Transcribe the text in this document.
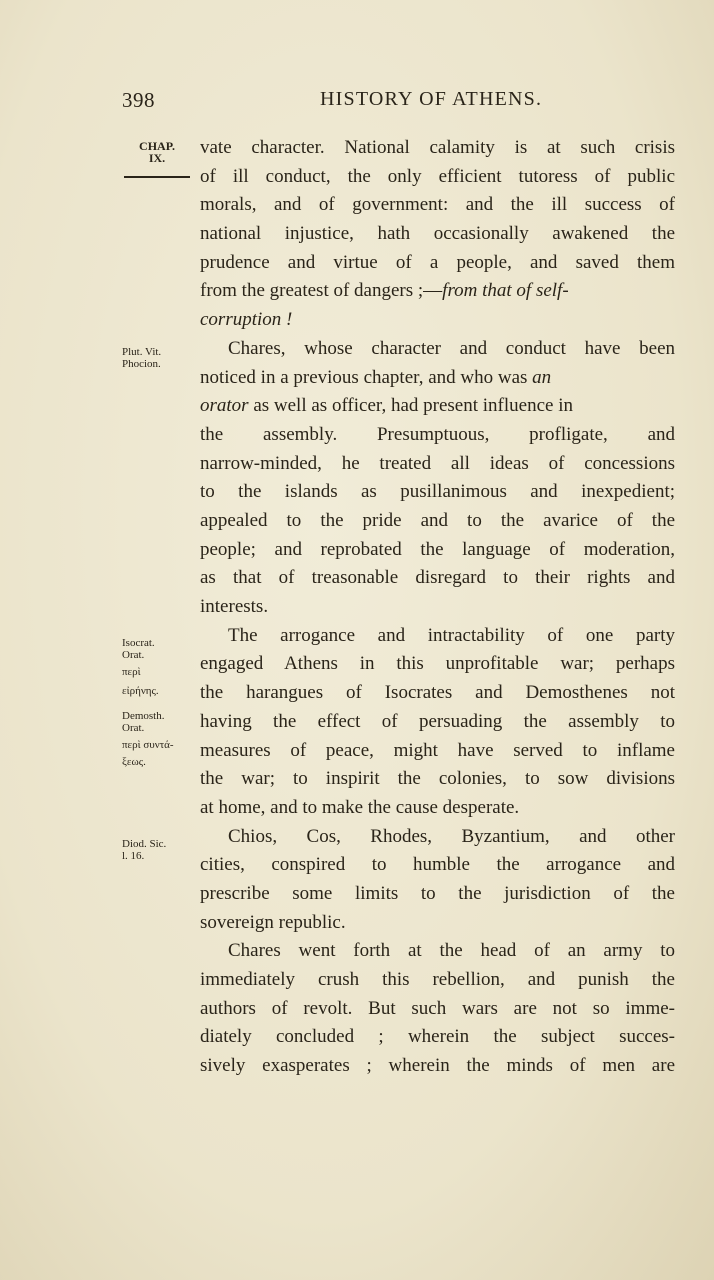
398	HISTORY OF ATHENS.
CHAP.
IX.
Plut. Vit.
Phocion.
Isocrat.
Orat.
περὶ
εἰρήνης.
Demosth.
Orat.
περὶ συντά-
ξεως.
Diod. Sic.
l. 16.
vate character. National calamity is at such crisis
of ill conduct, the only efficient tutoress of public
morals, and of government: and the ill success of
national injustice, hath occasionally awakened the
prudence and virtue of a people, and saved them
from the greatest of dangers ;—from that of self-
corruption !
Chares, whose character and conduct have been
noticed in a previous chapter, and who was an
orator as well as officer, had present influence in
the assembly. Presumptuous, profligate, and
narrow-minded, he treated all ideas of concessions
to the islands as pusillanimous and inexpedient;
appealed to the pride and to the avarice of the
people; and reprobated the language of moderation,
as that of treasonable disregard to their rights and
interests.
The arrogance and intractability of one party
engaged Athens in this unprofitable war; perhaps
the harangues of Isocrates and Demosthenes not
having the effect of persuading the assembly to
measures of peace, might have served to inflame
the war; to inspirit the colonies, to sow divisions
at home, and to make the cause desperate.
Chios, Cos, Rhodes, Byzantium, and other
cities, conspired to humble the arrogance and
prescribe some limits to the jurisdiction of the
sovereign republic.
Chares went forth at the head of an army to
immediately crush this rebellion, and punish the
authors of revolt. But such wars are not so imme-
diately concluded ; wherein the subject succes-
sively exasperates ; wherein the minds of men are
